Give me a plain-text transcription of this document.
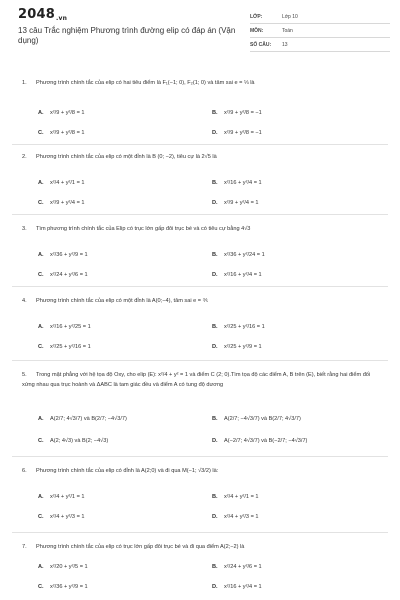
2048.vn
13 câu Trắc nghiệm Phương trình đường elip có đáp án (Vận dụng)
LỚP:	Lớp 10
MÔN:	Toán
SỐ CÂU: 13
1. Phương trình chính tắc của elip có hai tiêu điểm là F₁(−1; 0), F₂(1; 0) và tâm sai e = ⅓ là
A. x²/9 + y²/8 = 1	B. x²/9 + y²/8 = −1
C. x²/9 + y²/8 = 1	D. x²/9 + y²/8 = −1
2. Phương trình chính tắc của elip có một đỉnh là B (0; −2), tiêu cự là 2√5 là
A. x²/4 + y²/1 = 1	B. x²/16 + y²/4 = 1
C. x²/9 + y²/4 = 1	D. x²/9 + y²/4 = 1
3. Tìm phương trình chính tắc của Elip có trục lớn gấp đôi trục bé và có tiêu cự bằng 4√3
A. x²/36 + y²/9 = 1	B. x²/36 + y²/24 = 1
C. x²/24 + y²/6 = 1	D. x²/16 + y²/4 = 1
4. Phương trình chính tắc của elip có một đỉnh là A(0;−4), tâm sai e = ⅗
A. x²/16 + y²/25 = 1	B. x²/25 + y²/16 = 1
C. x²/25 + y²/16 = 1	D. x²/25 + y²/9 = 1
5. Trong mặt phẳng với hệ tọa độ Oxy, cho elip (E): x²/4 + y² = 1 và điểm C (2; 0).Tìm tọa độ các điểm A, B trên (E), biết rằng hai điểm đối xứng nhau qua trục hoành và ΔABC là tam giác đều và điểm A có tung độ dương
A. A(2/7; 4√3/7) và B(2/7; −4√3/7)	B. A(2/7; −4√3/7) và B(2/7; 4√3/7)
C. A(2; 4√3) và B(2; −4√3)	D. A(−2/7; 4√3/7) và B(−2/7; −4√3/7)
6. Phương trình chính tắc của elip có đỉnh là A(2;0) và đi qua M(−1; √3/2) là:
A. x²/4 + y²/1 = 1	B. x²/4 + y²/1 = 1
C. x²/4 + y²/3 = 1	D. x²/4 + y²/3 = 1
7. Phương trình chính tắc của elip có trục lớn gấp đôi trục bé và đi qua điểm A(2;−2) là
A. x²/20 + y²/5 = 1	B. x²/24 + y²/6 = 1
C. x²/36 + y²/9 = 1	D. x²/16 + y²/4 = 1
